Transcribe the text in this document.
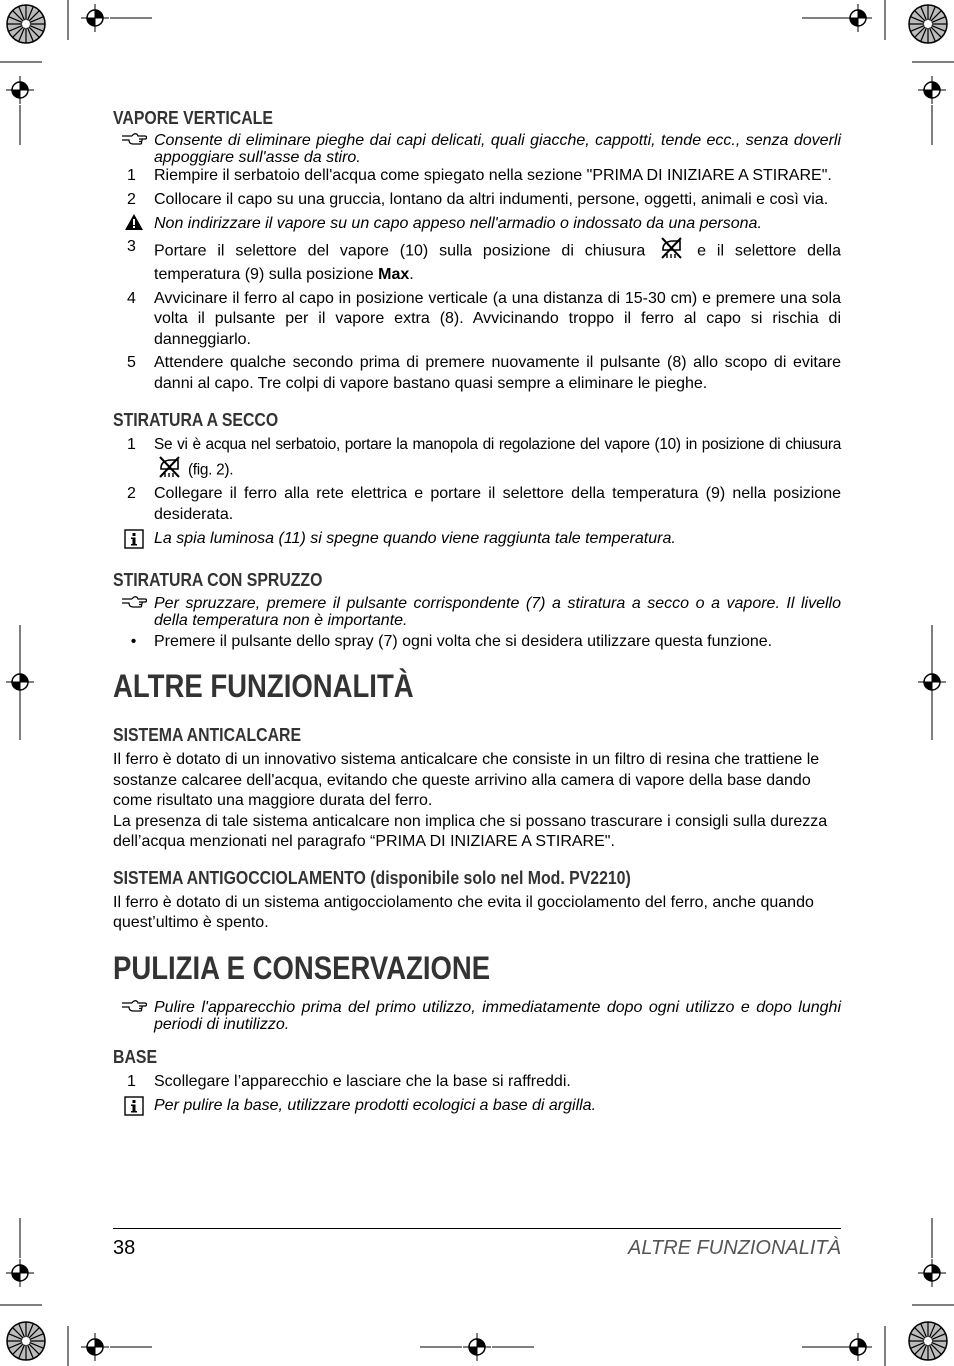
VAPORE VERTICALE
Consente di eliminare pieghe dai capi delicati, quali giacche, cappotti, tende ecc., senza doverli appoggiare sull'asse da stiro.
1	Riempire il serbatoio dell'acqua come spiegato nella sezione "PRIMA DI INIZIARE A STIRARE".
2	Collocare il capo su una gruccia, lontano da altri indumenti, persone, oggetti, animali e così via.
Non indirizzare il vapore su un capo appeso nell'armadio o indossato da una persona.
3	Portare il selettore del vapore (10) sulla posizione di chiusura	e il selettore della temperatura (9) sulla posizione Max.
4	Avvicinare il ferro al capo in posizione verticale (a una distanza di 15-30 cm) e premere una sola volta il pulsante per il vapore extra (8). Avvicinando troppo il ferro al capo si rischia di danneggiarlo.
5	Attendere qualche secondo prima di premere nuovamente il pulsante (8) allo scopo di evitare danni al capo. Tre colpi di vapore bastano quasi sempre a eliminare le pieghe.
STIRATURA A SECCO
1	Se vi è acqua nel serbatoio, portare la manopola di regolazione del vapore (10) in posizione di chiusura  (fig. 2).
2	Collegare il ferro alla rete elettrica e portare il selettore della temperatura (9) nella posizione desiderata.
La spia luminosa (11) si spegne quando viene raggiunta tale temperatura.
STIRATURA CON SPRUZZO
Per spruzzare, premere il pulsante corrispondente (7) a stiratura a secco o a vapore. Il livello della temperatura non è importante.
•	Premere il pulsante dello spray (7) ogni volta che si desidera utilizzare questa funzione.
ALTRE FUNZIONALITÀ
SISTEMA ANTICALCARE
Il ferro è dotato di un innovativo sistema anticalcare che consiste in un filtro di resina che trattiene le sostanze calcaree dell'acqua, evitando che queste arrivino alla camera di vapore della base dando come risultato una maggiore durata del ferro.
La presenza di tale sistema anticalcare non implica che si possano trascurare i consigli sulla durezza dell’acqua menzionati nel paragrafo “PRIMA DI INIZIARE A STIRARE".
SISTEMA ANTIGOCCIOLAMENTO (disponibile solo nel Mod. PV2210)
Il ferro è dotato di un sistema antigocciolamento che evita il gocciolamento del ferro, anche quando quest’ultimo è spento.
PULIZIA E CONSERVAZIONE
Pulire l'apparecchio prima del primo utilizzo, immediatamente dopo ogni utilizzo e dopo lunghi periodi di inutilizzo.
BASE
1	Scollegare l’apparecchio e lasciare che la base si raffreddi.
Per pulire la base, utilizzare prodotti ecologici a base di argilla.
38	ALTRE FUNZIONALITÀ
